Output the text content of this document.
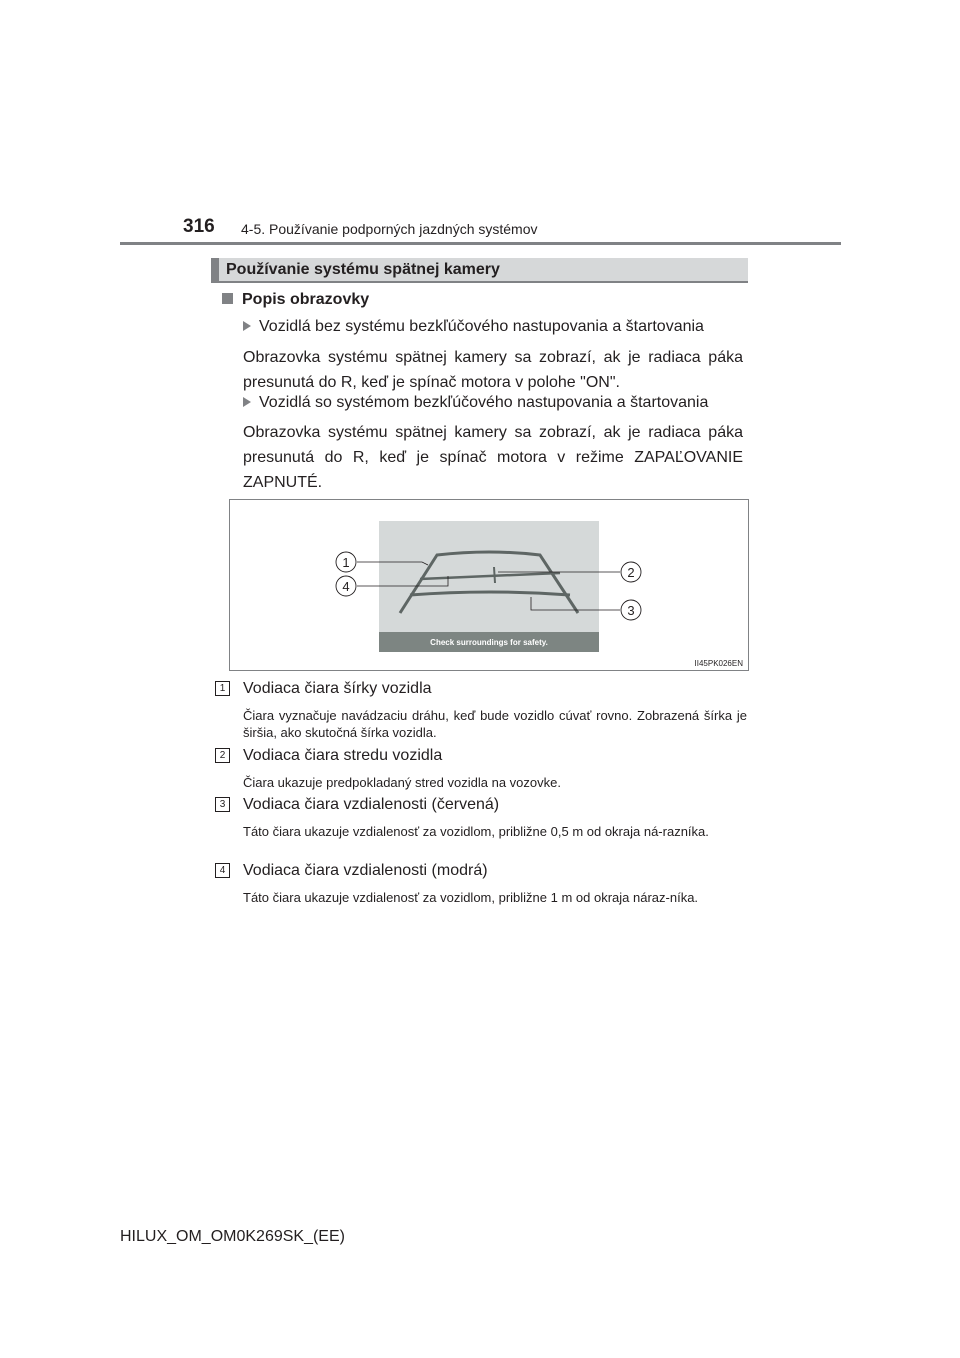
316 4-5. Používanie podporných jazdných systémov
Používanie systému spätnej kamery
Popis obrazovky
Vozidlá bez systému bezkľúčového nastupovania a štartovania
Obrazovka systému spätnej kamery sa zobrazí, ak je radiaca páka presunutá do R, keď je spínač motora v polohe "ON".
Vozidlá so systémom bezkľúčového nastupovania a štartovania
Obrazovka systému spätnej kamery sa zobrazí, ak je radiaca páka presunutá do R, keď je spínač motora v režime ZAPAĽOVANIE ZAPNUTÉ.
Check surroundings for safety.
1
2
3
4
II45PK026EN
1 Vodiaca čiara šírky vozidla
Čiara vyznačuje navádzaciu dráhu, keď bude vozidlo cúvať rovno. Zobrazená šírka je širšia, ako skutočná šírka vozidla.
2 Vodiaca čiara stredu vozidla
Čiara ukazuje predpokladaný stred vozidla na vozovke.
3 Vodiaca čiara vzdialenosti (červená)
Táto čiara ukazuje vzdialenosť za vozidlom, približne 0,5 m od okraja ná-razníka.
4 Vodiaca čiara vzdialenosti (modrá)
Táto čiara ukazuje vzdialenosť za vozidlom, približne 1 m od okraja náraz-níka.
HILUX_OM_OM0K269SK_(EE)
